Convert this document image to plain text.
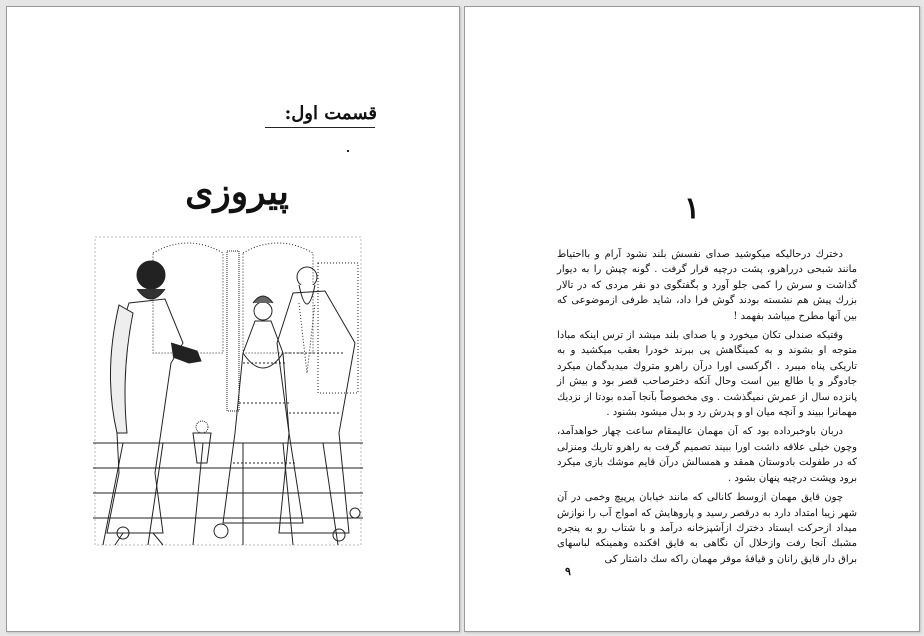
قسمت اول:
پیروزی	۱

دخترك درحاليكه ميكوشيد صداى نفسش بلند نشود آرام و بااحتياط مانند شبحى درراهرو، پشت درچيه قرار گرفت . گونه چپش را به ديوار گذاشت و سرش را كمى جلو آورد و بگفتگوى دو نفر مردى كه در تالار بزرك پيش هم نشسته بودند گوش فرا داد، شايد طرفى ازموضوعى كه بين آنها مطرح ميباشد بفهمد !

وقتيكه صندلى تكان ميخورد و يا صداى بلند ميشد از ترس اينكه مبادا متوجه او بشوند و به كمينگاهش پى ببرند خودرا بعقب ميكشيد و به تاريكى پناه ميبرد . اگركسى اورا درآن راهرو متروك ميديدگمان ميكرد جادوگر و يا طالع بين است وحال آنكه دخترصاحب قصر بود و بيش از پانزده سال از عمرش نميگذشت . وى مخصوصاً بآنجا آمده بودتا از نزديك مهمانرا ببيند و آنچه ميان او و پدرش رد و بدل ميشود بشنود .

دربان باوخبرداده بود كه آن مهمان عاليمقام ساعت چهار خواهدآمد، وچون خيلى علاقه داشت اورا ببيند تصميم گرفت به راهرو تاريك ومنزلى كه در طفولت بادوستان همقد و همسالش درآن قايم موشك بازى ميكرد برود وپشت درچيه پنهان بشود .

چون قايق مهمان ازوسط كانالى كه مانند خيابان پرپيچ وخمى در آن شهر زيبا امتداد دارد به درقصر رسيد و پاروهايش كه امواج آب را نوازش ميداد ازحركت ايستاد دخترك ازآشپزخانه درآمد و با شتاب رو به پنجره مشبك آنجا رفت وازخلال آن نگاهى به قايق افكنده وهمينكه لباسهاى براق دار قايق رانان و قيافهٔ موقر مهمان راكه سك داشتار كى

۹
